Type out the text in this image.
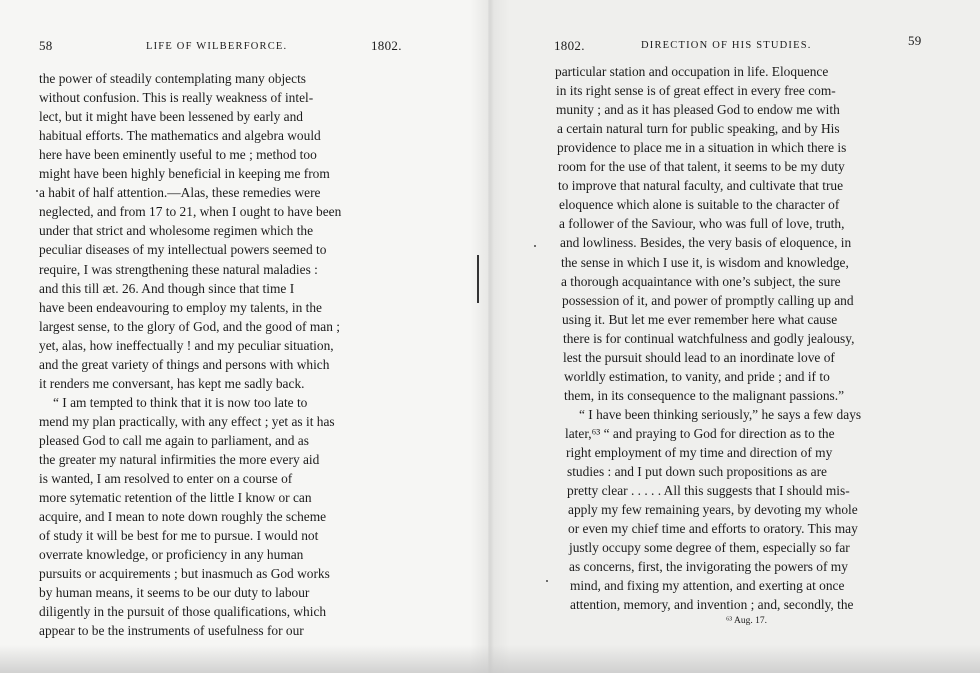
58	LIFE OF WILBERFORCE.	1802.
the power of steadily contemplating many objects
without confusion. This is really weakness of intel-
lect, but it might have been lessened by early and
habitual efforts. The mathematics and algebra would
here have been eminently useful to me ; method too
might have been highly beneficial in keeping me from
a habit of half attention.—Alas, these remedies were
neglected, and from 17 to 21, when I ought to have been
under that strict and wholesome regimen which the
peculiar diseases of my intellectual powers seemed to
require, I was strengthening these natural maladies :
and this till æt. 26. And though since that time I
have been endeavouring to employ my talents, in the
largest sense, to the glory of God, and the good of man ;
yet, alas, how ineffectually ! and my peculiar situation,
and the great variety of things and persons with which
it renders me conversant, has kept me sadly back.
“ I am tempted to think that it is now too late to
mend my plan practically, with any effect ; yet as it has
pleased God to call me again to parliament, and as
the greater my natural infirmities the more every aid
is wanted, I am resolved to enter on a course of
more sytematic retention of the little I know or can
acquire, and I mean to note down roughly the scheme
of study it will be best for me to pursue. I would not
overrate knowledge, or proficiency in any human
pursuits or acquirements ; but inasmuch as God works
by human means, it seems to be our duty to labour
diligently in the pursuit of those qualifications, which
appear to be the instruments of usefulness for our
1802.	DIRECTION OF HIS STUDIES.	59
particular station and occupation in life. Eloquence
in its right sense is of great effect in every free com-
munity ; and as it has pleased God to endow me with
a certain natural turn for public speaking, and by His
providence to place me in a situation in which there is
room for the use of that talent, it seems to be my duty
to improve that natural faculty, and cultivate that true
eloquence which alone is suitable to the character of
a follower of the Saviour, who was full of love, truth,
and lowliness. Besides, the very basis of eloquence, in
the sense in which I use it, is wisdom and knowledge,
a thorough acquaintance with one’s subject, the sure
possession of it, and power of promptly calling up and
using it. But let me ever remember here what cause
there is for continual watchfulness and godly jealousy,
lest the pursuit should lead to an inordinate love of
worldly estimation, to vanity, and pride ; and if to
them, in its consequence to the malignant passions.”
“ I have been thinking seriously,” he says a few days
later,⁶³ “ and praying to God for direction as to the
right employment of my time and direction of my
studies : and I put down such propositions as are
pretty clear . . . . . All this suggests that I should mis-
apply my few remaining years, by devoting my whole
or even my chief time and efforts to oratory. This may
justly occupy some degree of them, especially so far
as concerns, first, the invigorating the powers of my
mind, and fixing my attention, and exerting at once
attention, memory, and invention ; and, secondly, the
⁶³ Aug. 17.
